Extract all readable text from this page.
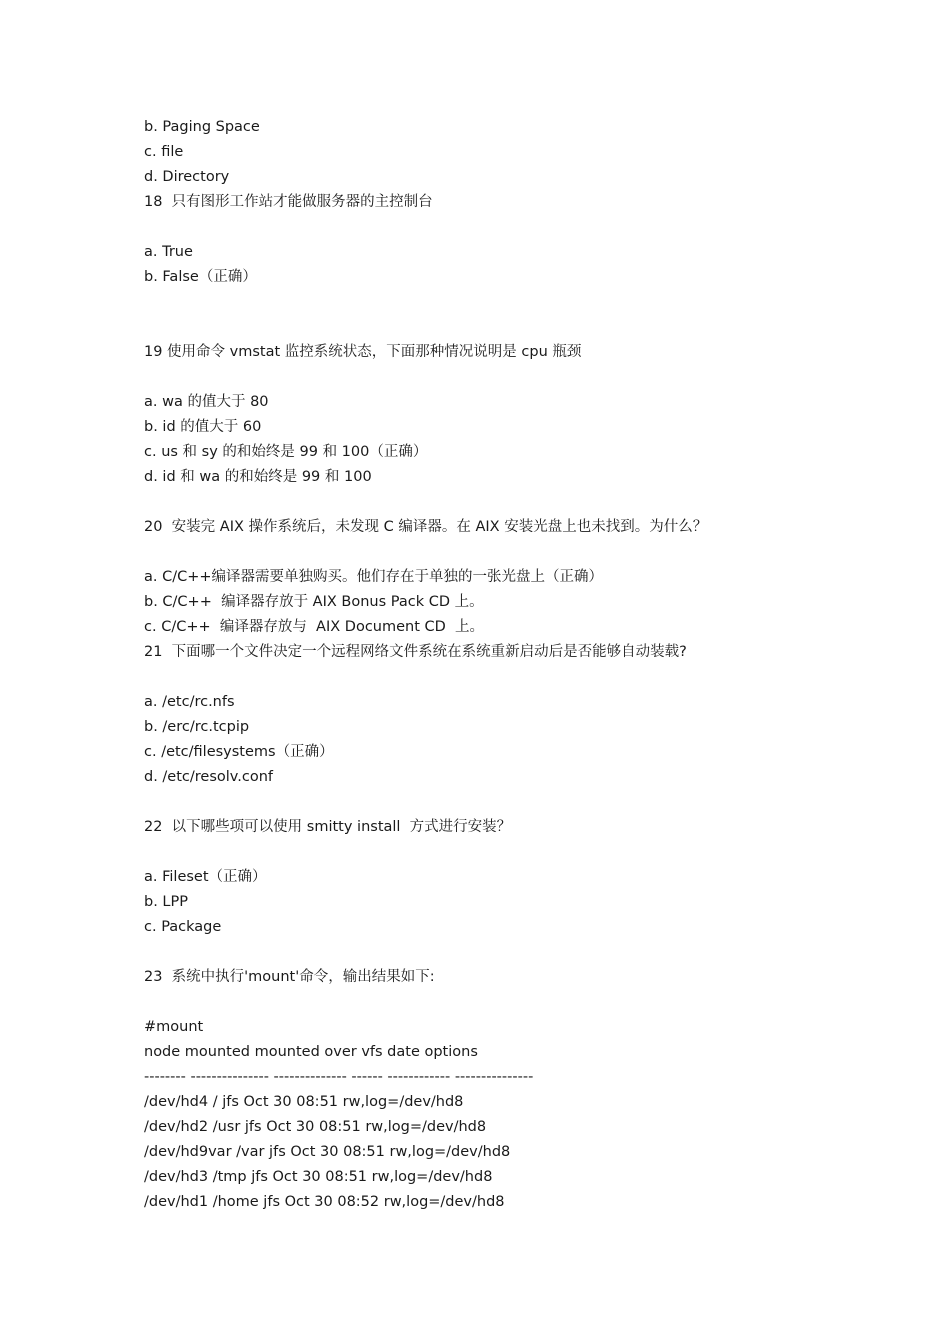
b. Paging Space
c. file
d. Directory
18  只有图形工作站才能做服务器的主控制台
a. True
b. False（正确）
19 使用命令 vmstat 监控系统状态，下面那种情况说明是 cpu 瓶颈
a. wa 的值大于 80
b. id 的值大于 60
c. us 和 sy 的和始终是 99 和 100（正确）
d. id 和 wa 的和始终是 99 和 100
20  安装完 AIX 操作系统后，未发现 C 编译器。在 AIX 安装光盘上也未找到。为什么？
a. C/C++编译器需要单独购买。他们存在于单独的一张光盘上（正确）
b. C/C++  编译器存放于 AIX Bonus Pack CD 上。
c. C/C++  编译器存放与  AIX Document CD  上。
21  下面哪一个文件决定一个远程网络文件系统在系统重新启动后是否能够自动装载?
a. /etc/rc.nfs
b. /erc/rc.tcpip
c. /etc/filesystems（正确）
d. /etc/resolv.conf
22  以下哪些项可以使用 smitty install  方式进行安装？
a. Fileset（正确）
b. LPP
c. Package
23  系统中执行'mount'命令，输出结果如下:
#mount
node mounted mounted over vfs date options
-------- --------------- -------------- ------ ------------ ---------------
/dev/hd4 / jfs Oct 30 08:51 rw,log=/dev/hd8
/dev/hd2 /usr jfs Oct 30 08:51 rw,log=/dev/hd8
/dev/hd9var /var jfs Oct 30 08:51 rw,log=/dev/hd8
/dev/hd3 /tmp jfs Oct 30 08:51 rw,log=/dev/hd8
/dev/hd1 /home jfs Oct 30 08:52 rw,log=/dev/hd8
